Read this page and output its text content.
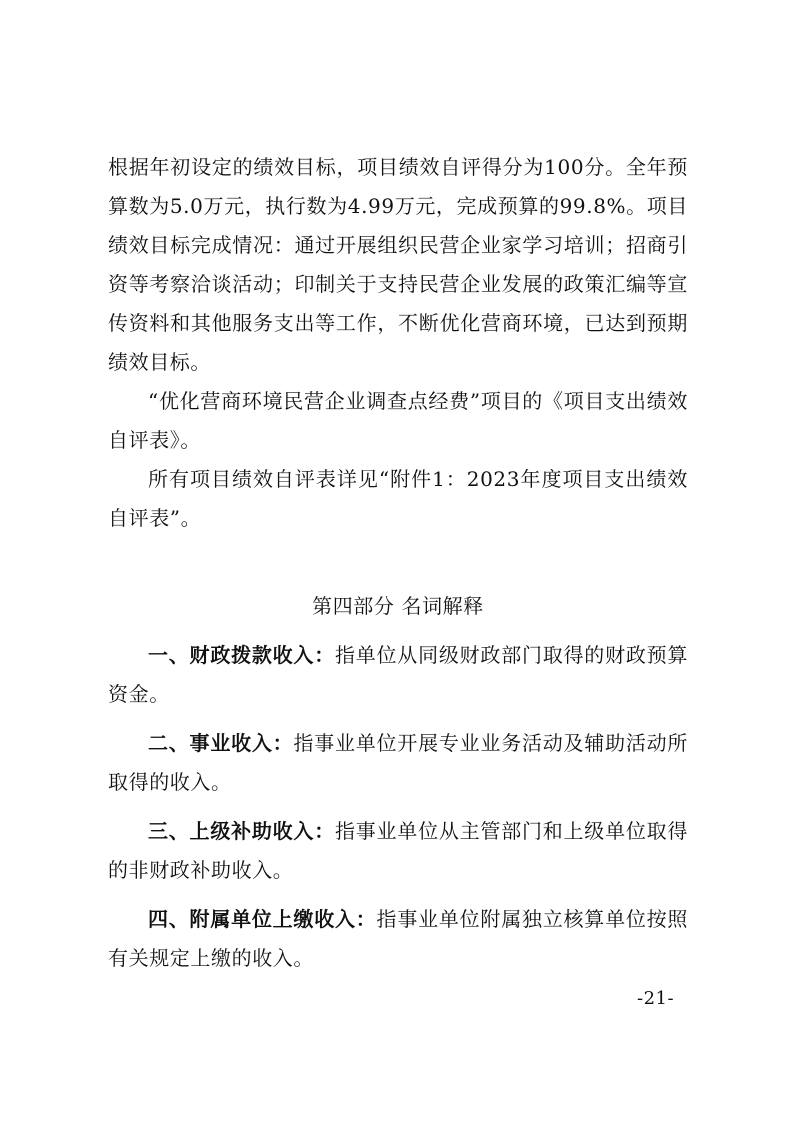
根据年初设定的绩效目标，项目绩效自评得分为100分。全年预算数为5.0万元，执行数为4.99万元，完成预算的99.8%。项目绩效目标完成情况：通过开展组织民营企业家学习培训；招商引资等考察洽谈活动；印制关于支持民营企业发展的政策汇编等宣传资料和其他服务支出等工作，不断优化营商环境，已达到预期绩效目标。

“优化营商环境民营企业调查点经费”项目的《项目支出绩效自评表》。

所有项目绩效自评表详见“附件1：2023年度项目支出绩效自评表”。

第四部分 名词解释

一、财政拨款收入：指单位从同级财政部门取得的财政预算资金。

二、事业收入：指事业单位开展专业业务活动及辅助活动所取得的收入。

三、上级补助收入：指事业单位从主管部门和上级单位取得的非财政补助收入。

四、附属单位上缴收入：指事业单位附属独立核算单位按照有关规定上缴的收入。

-21-
